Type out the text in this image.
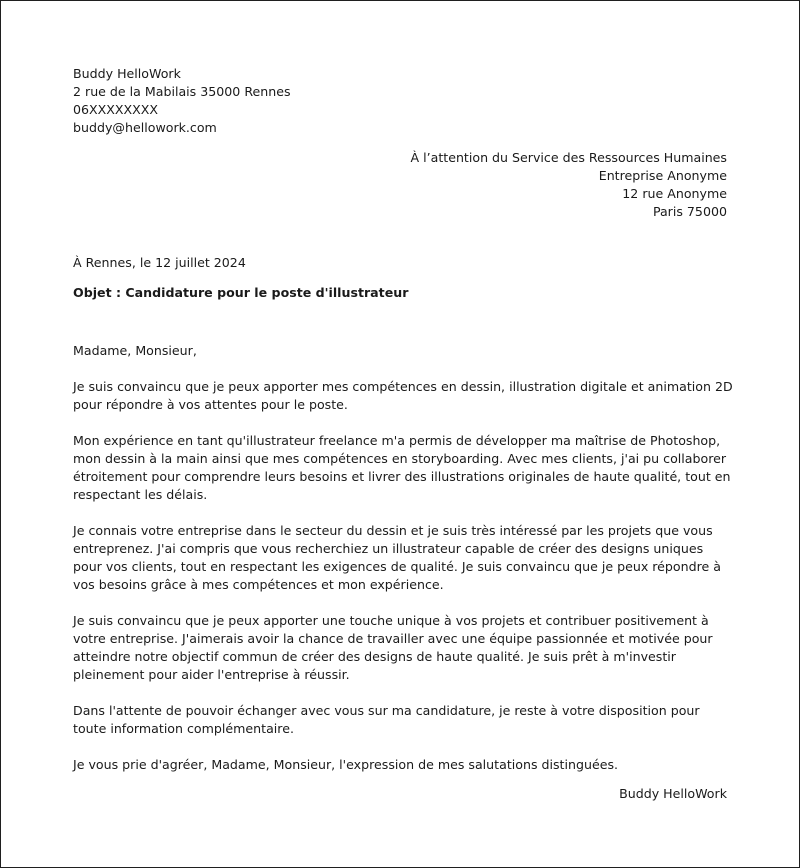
Buddy HelloWork
2 rue de la Mabilais 35000 Rennes
06XXXXXXXX
buddy@hellowork.com
À l’attention du Service des Ressources Humaines
Entreprise Anonyme
12 rue Anonyme
Paris 75000
À Rennes, le 12 juillet 2024
Objet : Candidature pour le poste d'illustrateur

Madame, Monsieur,

Je suis convaincu que je peux apporter mes compétences en dessin, illustration digitale et animation 2D pour répondre à vos attentes pour le poste.

Mon expérience en tant qu'illustrateur freelance m'a permis de développer ma maîtrise de Photoshop, mon dessin à la main ainsi que mes compétences en storyboarding. Avec mes clients, j'ai pu collaborer étroitement pour comprendre leurs besoins et livrer des illustrations originales de haute qualité, tout en respectant les délais.

Je connais votre entreprise dans le secteur du dessin et je suis très intéressé par les projets que vous entreprenez. J'ai compris que vous recherchiez un illustrateur capable de créer des designs uniques pour vos clients, tout en respectant les exigences de qualité. Je suis convaincu que je peux répondre à vos besoins grâce à mes compétences et mon expérience.

Je suis convaincu que je peux apporter une touche unique à vos projets et contribuer positivement à votre entreprise. J'aimerais avoir la chance de travailler avec une équipe passionnée et motivée pour atteindre notre objectif commun de créer des designs de haute qualité. Je suis prêt à m'investir pleinement pour aider l'entreprise à réussir.

Dans l'attente de pouvoir échanger avec vous sur ma candidature, je reste à votre disposition pour toute information complémentaire.

Je vous prie d'agréer, Madame, Monsieur, l'expression de mes salutations distinguées.

Buddy HelloWork
